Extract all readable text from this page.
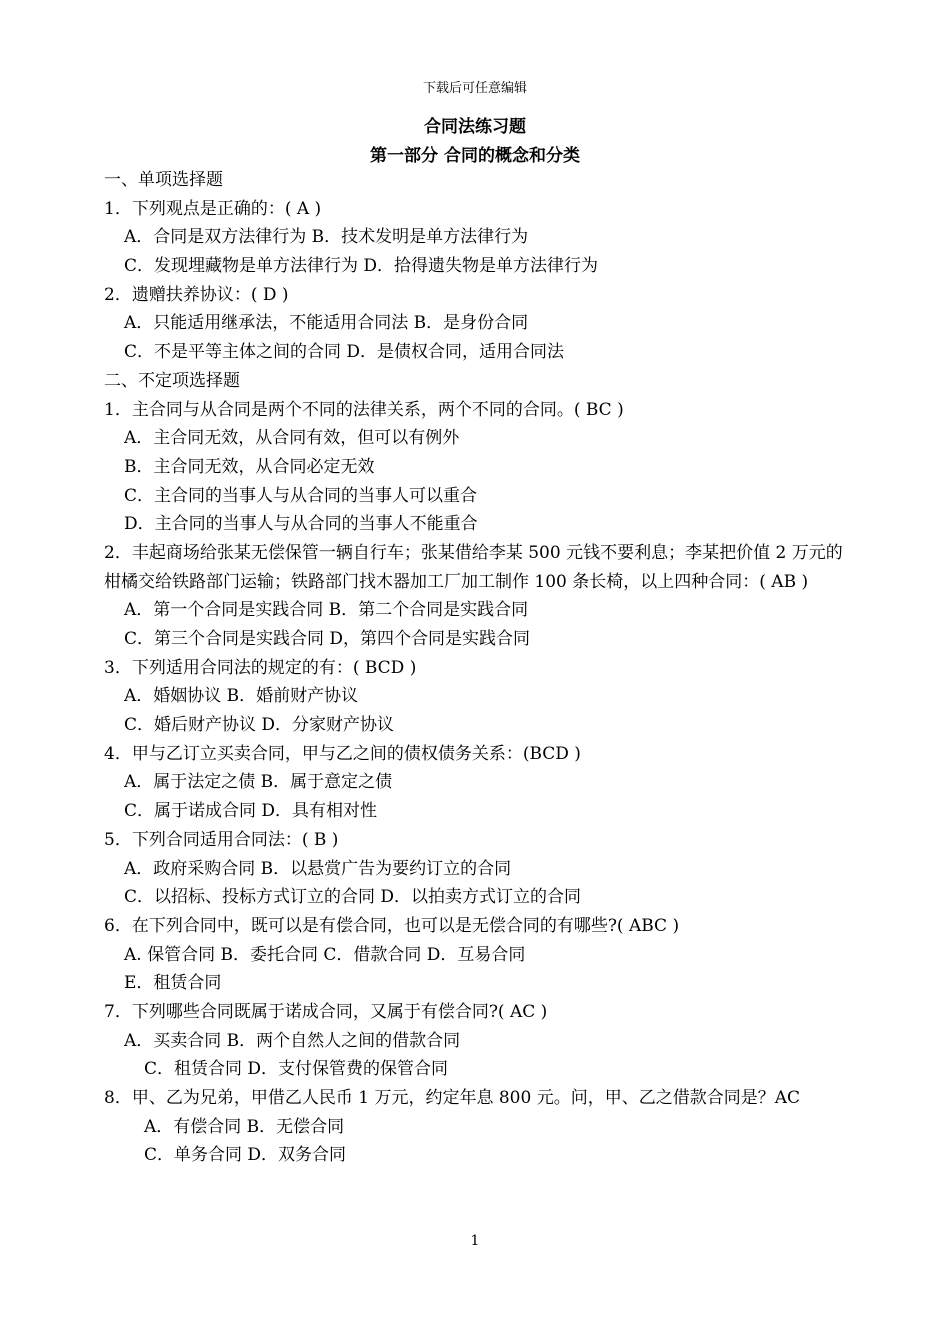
下载后可任意编辑
合同法练习题
第一部分 合同的概念和分类
一、单项选择题
1．下列观点是正确的：( A )
A．合同是双方法律行为 B．技术发明是单方法律行为
C．发现埋藏物是单方法律行为 D．拾得遗失物是单方法律行为
2．遗赠扶养协议：( D )
A．只能适用继承法，不能适用合同法 B．是身份合同
C．不是平等主体之间的合同 D．是债权合同，适用合同法
二、不定项选择题
1．主合同与从合同是两个不同的法律关系，两个不同的合同。( BC )
A．主合同无效，从合同有效，但可以有例外
B．主合同无效，从合同必定无效
C．主合同的当事人与从合同的当事人可以重合
D．主合同的当事人与从合同的当事人不能重合
2．丰起商场给张某无偿保管一辆自行车；张某借给李某 500 元钱不要利息；李某把价值 2 万元的柑橘交给铁路部门运输；铁路部门找木器加工厂加工制作 100 条长椅，以上四种合同：( AB )
A．第一个合同是实践合同 B．第二个合同是实践合同
C．第三个合同是实践合同 D，第四个合同是实践合同
3．下列适用合同法的规定的有：( BCD )
A．婚姻协议 B．婚前财产协议
C．婚后财产协议 D．分家财产协议
4．甲与乙订立买卖合同，甲与乙之间的债权债务关系：(BCD )
A．属于法定之债 B．属于意定之债
C．属于诺成合同 D．具有相对性
5．下列合同适用合同法：( B )
A．政府采购合同 B．以悬赏广告为要约订立的合同
C．以招标、投标方式订立的合同 D．以拍卖方式订立的合同
6．在下列合同中，既可以是有偿合同，也可以是无偿合同的有哪些?( ABC )
A. 保管合同 B．委托合同 C．借款合同 D．互易合同
E．租赁合同
7．下列哪些合同既属于诺成合同，又属于有偿合同?( AC )
A．买卖合同 B．两个自然人之间的借款合同
C．租赁合同 D．支付保管费的保管合同
8．甲、乙为兄弟，甲借乙人民币 1 万元，约定年息 800 元。问，甲、乙之借款合同是？AC
A．有偿合同 B．无偿合同
C．单务合同 D．双务合同
1
